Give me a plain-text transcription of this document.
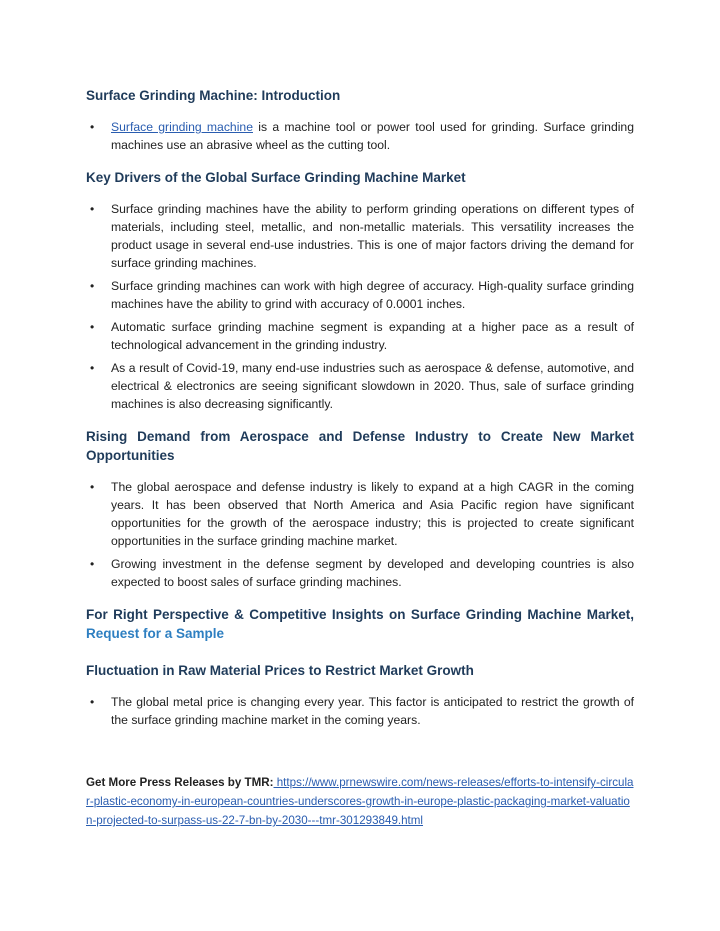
Surface Grinding Machine: Introduction

• Surface grinding machine is a machine tool or power tool used for grinding. Surface grinding machines use an abrasive wheel as the cutting tool.

Key Drivers of the Global Surface Grinding Machine Market

• Surface grinding machines have the ability to perform grinding operations on different types of materials, including steel, metallic, and non-metallic materials. This versatility increases the product usage in several end-use industries. This is one of major factors driving the demand for surface grinding machines.
• Surface grinding machines can work with high degree of accuracy. High-quality surface grinding machines have the ability to grind with accuracy of 0.0001 inches.
• Automatic surface grinding machine segment is expanding at a higher pace as a result of technological advancement in the grinding industry.
• As a result of Covid-19, many end-use industries such as aerospace & defense, automotive, and electrical & electronics are seeing significant slowdown in 2020. Thus, sale of surface grinding machines is also decreasing significantly.

Rising Demand from Aerospace and Defense Industry to Create New Market Opportunities

• The global aerospace and defense industry is likely to expand at a high CAGR in the coming years. It has been observed that North America and Asia Pacific region have significant opportunities for the growth of the aerospace industry; this is projected to create significant opportunities in the surface grinding machine market.
• Growing investment in the defense segment by developed and developing countries is also expected to boost sales of surface grinding machines.

For Right Perspective & Competitive Insights on Surface Grinding Machine Market, Request for a Sample

Fluctuation in Raw Material Prices to Restrict Market Growth

• The global metal price is changing every year. This factor is anticipated to restrict the growth of the surface grinding machine market in the coming years.

Get More Press Releases by TMR: https://www.prnewswire.com/news-releases/efforts-to-intensify-circular-plastic-economy-in-european-countries-underscores-growth-in-europe-plastic-packaging-market-valuation-projected-to-surpass-us-22-7-bn-by-2030---tmr-301293849.html
